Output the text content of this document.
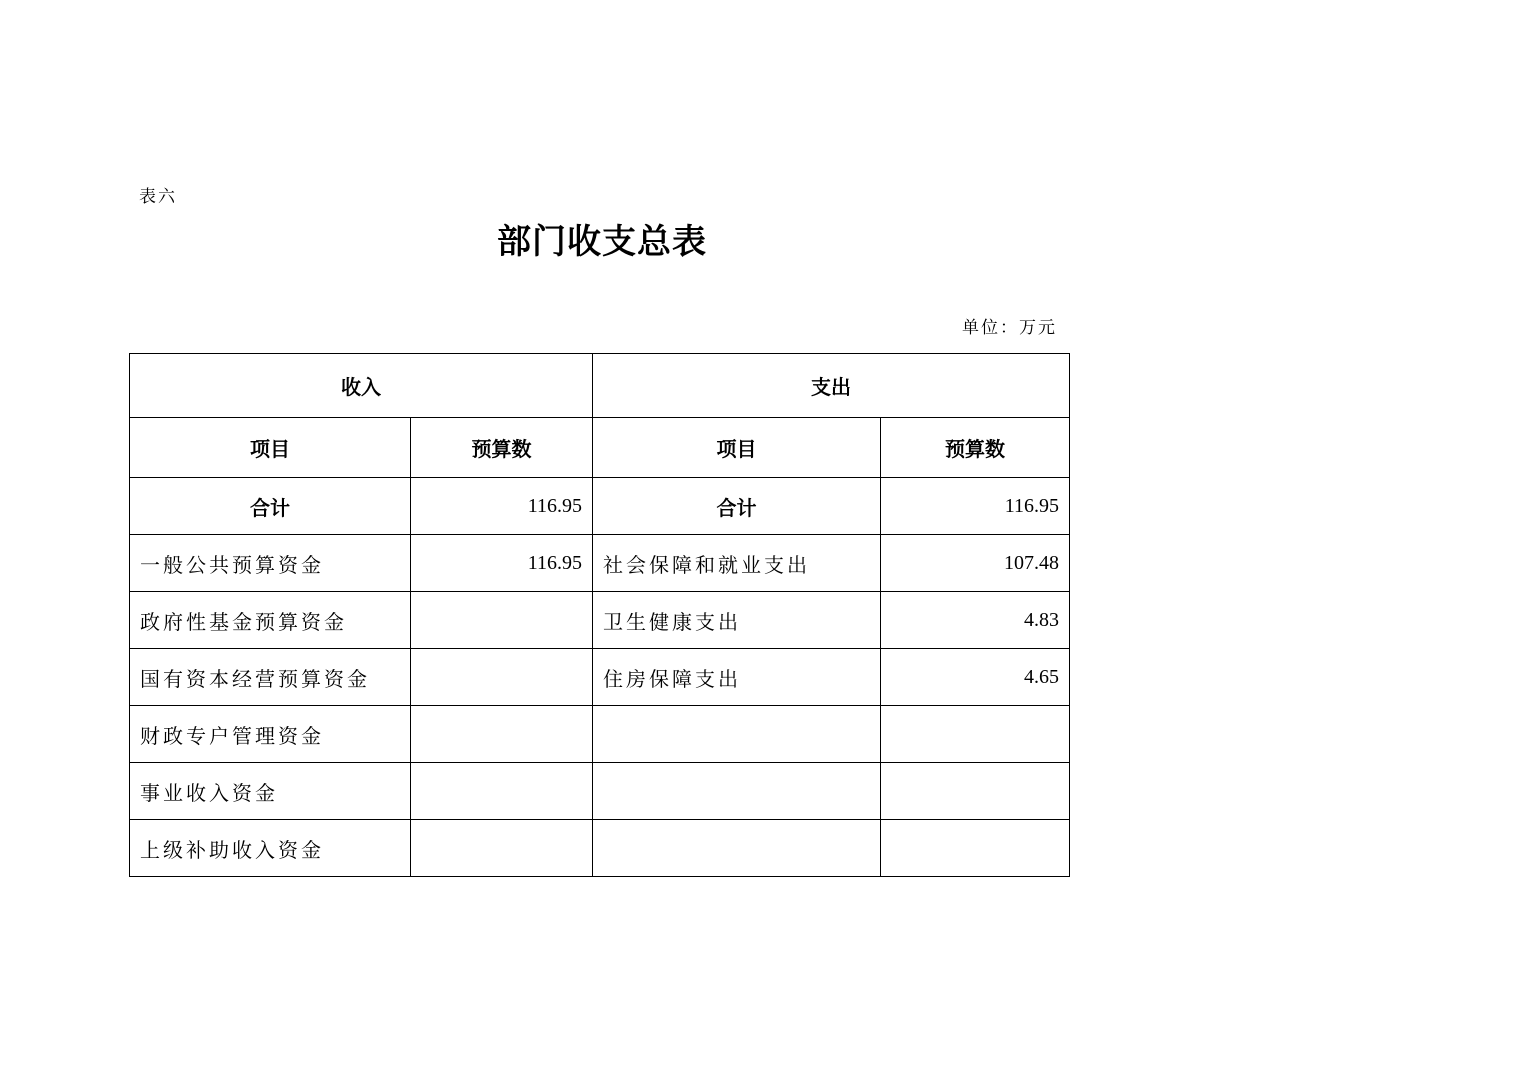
表六
部门收支总表
单位：万元
收入		支出	
项目	预算数	项目	预算数
合计	116.95	合计	116.95
一般公共预算资金	116.95	社会保障和就业支出	107.48
政府性基金预算资金		卫生健康支出	4.83
国有资本经营预算资金		住房保障支出	4.65
财政专户管理资金			
事业收入资金			
上级补助收入资金			
